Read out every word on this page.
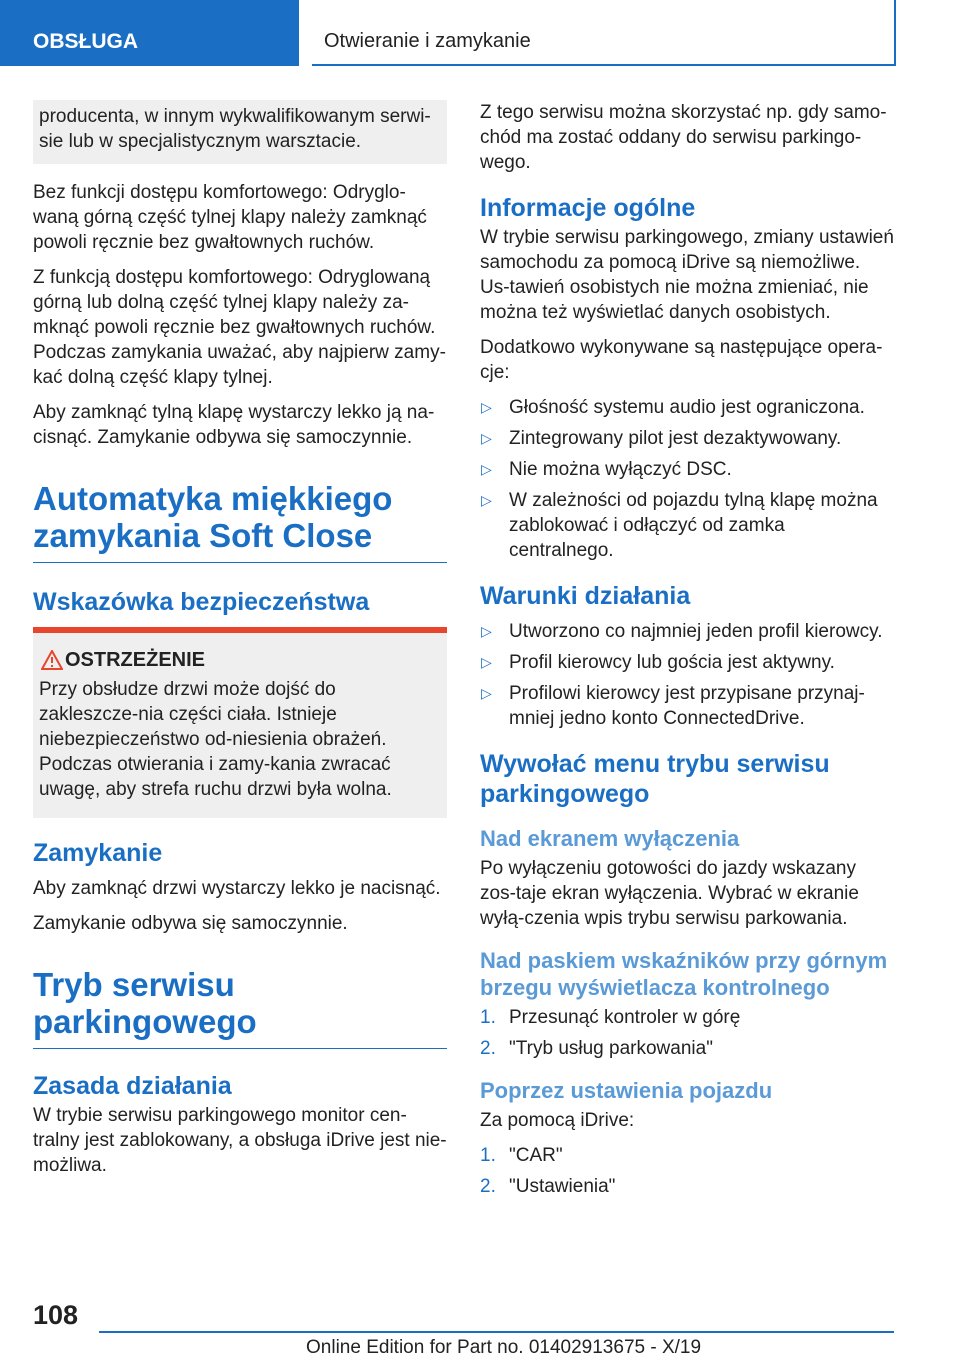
OBSŁUGA	Otwieranie i zamykanie

producenta, w innym wykwalifikowanym serwi-sie lub w specjalistycznym warsztacie.

Bez funkcji dostępu komfortowego: Odryglo-waną górną część tylnej klapy należy zamknąć powoli ręcznie bez gwałtownych ruchów.

Z funkcją dostępu komfortowego: Odryglowaną górną lub dolną część tylnej klapy należy za-mknąć powoli ręcznie bez gwałtownych ruchów. Podczas zamykania uważać, aby najpierw zamy-kać dolną część klapy tylnej.

Aby zamknąć tylną klapę wystarczy lekko ją na-cisnąć. Zamykanie odbywa się samoczynnie.

Automatyka miękkiego zamykania Soft Close
Wskazówka bezpieczeństwa
OSTRZEŻENIE

Przy obsłudze drzwi może dojść do zakleszcze-nia części ciała. Istnieje niebezpieczeństwo od-niesienia obrażeń. Podczas otwierania i zamy-kania zwracać uwagę, aby strefa ruchu drzwi była wolna.

Zamykanie

Aby zamknąć drzwi wystarczy lekko je nacisnąć.

Zamykanie odbywa się samoczynnie.

Tryb serwisu parkingowego
Zasada działania

W trybie serwisu parkingowego monitor cen-tralny jest zablokowany, a obsługa iDrive jest nie-możliwa.

Z tego serwisu można skorzystać np. gdy samo-chód ma zostać oddany do serwisu parkingo-wego.

Informacje ogólne

W trybie serwisu parkingowego, zmiany ustawień samochodu za pomocą iDrive są niemożliwe. Us-tawień osobistych nie można zmieniać, nie można też wyświetlać danych osobistych.

Dodatkowo wykonywane są następujące opera-cje:

▷ Głośność systemu audio jest ograniczona.
▷ Zintegrowany pilot jest dezaktywowany.
▷ Nie można wyłączyć DSC.
▷ W zależności od pojazdu tylną klapę można zablokować i odłączyć od zamka centralnego.
Warunki działania
▷ Utworzono co najmniej jeden profil kierowcy.
▷ Profil kierowcy lub gościa jest aktywny.
▷ Profilowi kierowcy jest przypisane przynaj-mniej jedno konto ConnectedDrive.
Wywołać menu trybu serwisu parkingowego
Nad ekranem wyłączenia

Po wyłączeniu gotowości do jazdy wskazany zos-taje ekran wyłączenia. Wybrać w ekranie wyłą-czenia wpis trybu serwisu parkowania.

Nad paskiem wskaźników przy górnym brzegu wyświetlacza kontrolnego
1. Przesunąć kontroler w górę
2. "Tryb usług parkowania"
Poprzez ustawienia pojazdu

Za pomocą iDrive:

1. "CAR"
2. "Ustawienia"
108
Online Edition for Part no. 01402913675 - X/19
